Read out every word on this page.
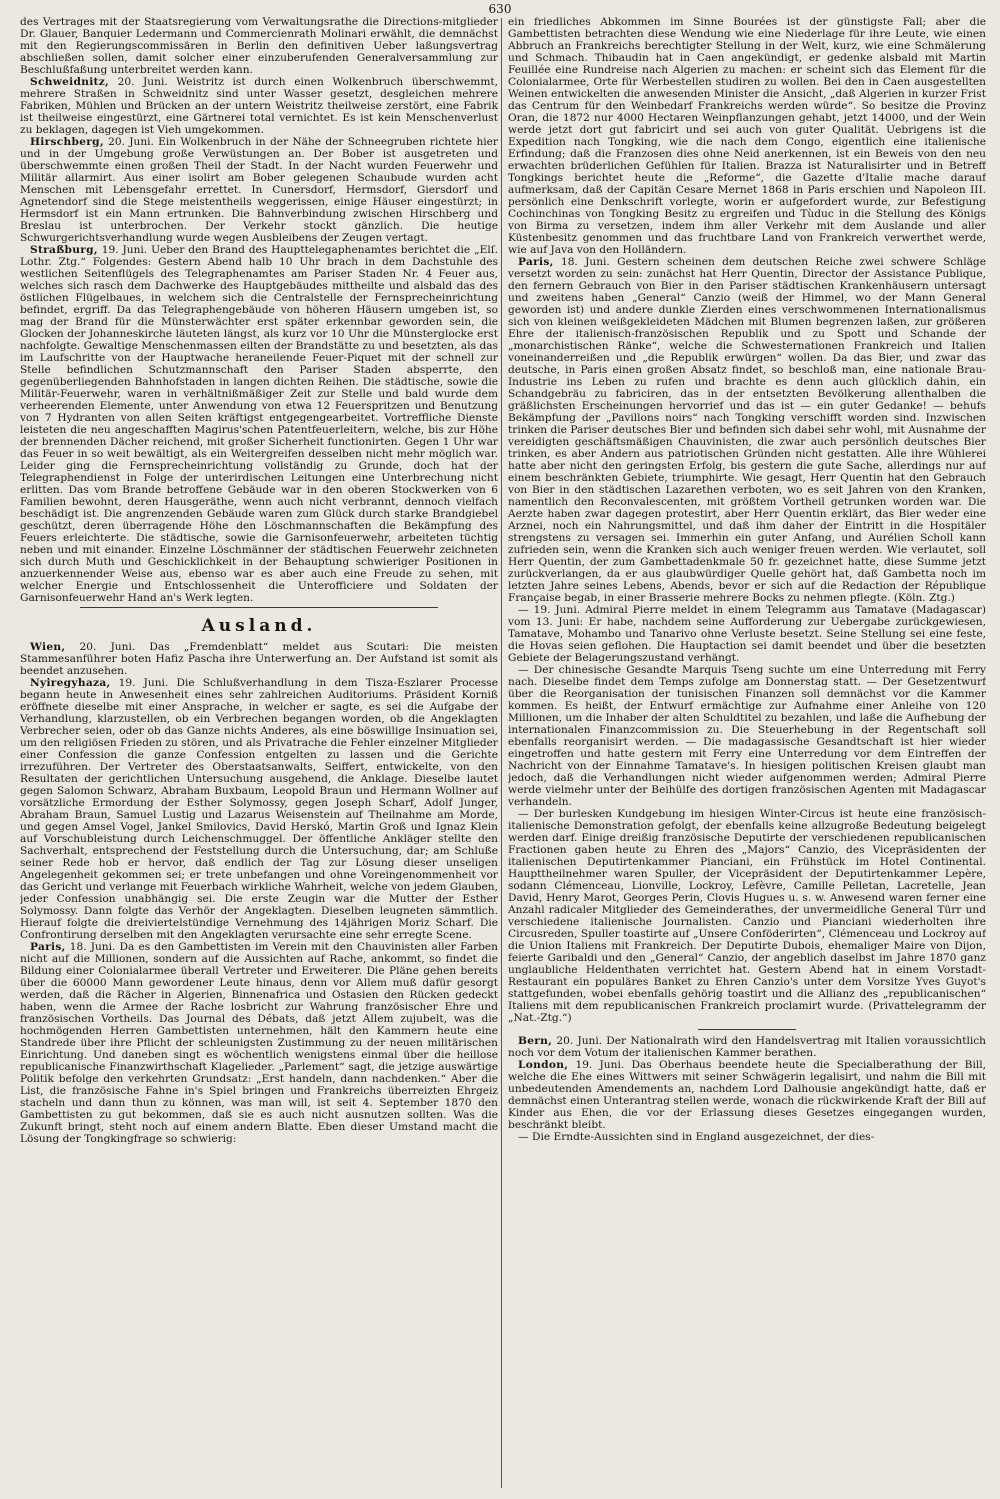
630

des Vertrages mit der Staatsregierung vom Verwaltungsrathe die Directions-mitglieder Dr. Glauer, Banquier Ledermann und Commercienrath Molinari erwählt, die demnächst mit den Regierungscommissären in Berlin den definitiven Ueber laßungsvertrag abschließen sollen, damit solcher einer einzuberufenden Generalversammlung zur Beschlußfaßung unterbreitet werden kann.

Schweidnitz, 20. Juni. Weistritz ist durch einen Wolkenbruch überschwemmt, mehrere Straßen in Schweidnitz sind unter Wasser gesetzt, desgleichen mehrere Fabriken, Mühlen und Brücken an der untern Weistritz theilweise zerstört, eine Fabrik ist theilweise eingestürzt, eine Gärtnerei total vernichtet. Es ist kein Menschenverlust zu beklagen, dagegen ist Vieh umgekommen.

Hirschberg, 20. Juni. Ein Wolkenbruch in der Nähe der Schneegruben richtete hier und in der Umgebung große Verwüstungen an. Der Bober ist ausgetreten und überschwemmte einen großen Theil der Stadt. In der Nacht wurden Feuerwehr und Militär allarmirt. Aus einer isolirt am Bober gelegenen Schaubude wurden acht Menschen mit Lebensgefahr errettet. In Cunersdorf, Hermsdorf, Giersdorf und Agnetendorf sind die Stege meistentheils weggerissen, einige Häuser eingestürzt; in Hermsdorf ist ein Mann ertrunken. Die Bahnverbindung zwischen Hirschberg und Breslau ist unterbrochen. Der Verkehr stockt gänzlich. Die heutige Schwurgerichtsverhandlung wurde wegen Ausbleibens der Zeugen vertagt.

Straßburg, 19. Juni. Ueber den Brand des Haupttelegaphenamtes berichtet die „Elſ. Lothr. Ztg.“ Folgendes: Gestern Abend halb 10 Uhr brach in dem Dachstuhle des westlichen Seitenflügels des Telegraphenamtes am Pariser Staden Nr. 4 Feuer aus, welches sich rasch dem Dachwerke des Hauptgebäudes mittheilte und alsbald das des östlichen Flügelbaues, in welchem sich die Centralstelle der Fernsprecheinrichtung befindet, ergriff. Da das Telegraphengebäude von höheren Häusern umgeben ist, so mag der Brand für die Münsterwächter erst später erkennbar geworden sein, die Glocken der Johanneskirche läuteten längst, als kurz vor 10 Uhr die Münsterglocke erst nachfolgte. Gewaltige Menschenmassen eilten der Brandstätte zu und besetzten, als das im Laufschritte von der Hauptwache heraneilende Feuer-Piquet mit der schnell zur Stelle befindlichen Schutzmannschaft den Pariser Staden absperrte, den gegenüberliegenden Bahnhofstaden in langen dichten Reihen. Die städtische, sowie die Militär-Feuerwehr, waren in verhältnißmäßiger Zeit zur Stelle und bald wurde dem verheerenden Elemente, unter Anwendung von etwa 12 Feuerspritzen und Benutzung von 7 Hydranten von allen Seiten kräftigst entgegengearbeitet. Vortreffliche Dienste leisteten die neu angeschafften Magirus'schen Patentfeuerleitern, welche, bis zur Höhe der brennenden Dächer reichend, mit großer Sicherheit functionirten. Gegen 1 Uhr war das Feuer in so weit bewältigt, als ein Weitergreifen desselben nicht mehr möglich war. Leider ging die Fernsprecheinrichtung vollständig zu Grunde, doch hat der Telegraphendienst in Folge der unterirdischen Leitungen eine Unterbrechung nicht erlitten. Das vom Brande betroffene Gebäude war in den oberen Stockwerken von 6 Familien bewohnt, deren Hausgeräthe, wenn auch nicht verbrannt, dennoch vielfach beschädigt ist. Die angrenzenden Gebäude waren zum Glück durch starke Brandgiebel geschützt, deren überragende Höhe den Löschmannschaften die Bekämpfung des Feuers erleichterte. Die städtische, sowie die Garnisonfeuerwehr, arbeiteten tüchtig neben und mit einander. Einzelne Löschmänner der städtischen Feuerwehr zeichneten sich durch Muth und Geschicklichkeit in der Behauptung schwieriger Positionen in anzuerkennender Weise aus, ebenso war es aber auch eine Freude zu sehen, mit welcher Energie und Entschlossenheit die Unterofficiere und Soldaten der Garnisonfeuerwehr Hand an's Werk legten.

Ausland.

Wien, 20. Juni. Das „Fremdenblatt“ meldet aus Scutari: Die meisten Stammesanführer boten Hafiz Pascha ihre Unterwerfung an. Der Aufstand ist somit als beendet anzusehen.

Nyiregyhaza, 19. Juni. Die Schlußverhandlung in dem Tisza-Eszlarer Processe begann heute in Anwesenheit eines sehr zahlreichen Auditoriums. Präsident Korniß eröffnete dieselbe mit einer Ansprache, in welcher er sagte, es sei die Aufgabe der Verhandlung, klarzustellen, ob ein Verbrechen begangen worden, ob die Angeklagten Verbrecher seien, oder ob das Ganze nichts Anderes, als eine böswillige Insinuation sei, um den religiösen Frieden zu stören, und als Privatrache die Fehler einzelner Mitglieder einer Confession die ganze Confession entgelten zu lassen und die Gerichte irrezuführen. Der Vertreter des Oberstaatsanwalts, Seiffert, entwickelte, von den Resultaten der gerichtlichen Untersuchung ausgehend, die Anklage. Dieselbe lautet gegen Salomon Schwarz, Abraham Buxbaum, Leopold Braun und Hermann Wollner auf vorsätzliche Ermordung der Esther Solymossy, gegen Joseph Scharf, Adolf Junger, Abraham Braun, Samuel Lustig und Lazarus Weisenstein auf Theilnahme am Morde, und gegen Amsel Vogel, Jankel Smilovics, David Herskó, Martin Groß und Ignaz Klein auf Vorschubleistung durch Leichenschmuggel. Der öffentliche Ankläger stellte den Sachverhalt, entsprechend der Feststellung durch die Untersuchung, dar; am Schluße seiner Rede hob er hervor, daß endlich der Tag zur Lösung dieser unseligen Angelegenheit gekommen sei; er trete unbefangen und ohne Voreingenommenheit vor das Gericht und verlange mit Feuerbach wirkliche Wahrheit, welche von jedem Glauben, jeder Confession unabhängig sei. Die erste Zeugin war die Mutter der Esther Solymossy. Dann folgte das Verhör der Angeklagten. Dieselben leugneten sämmtlich. Hierauf folgte die dreiviertelstündige Vernehmung des 14jährigen Moriz Scharf. Die Confrontirung derselben mit den Angeklagten verursachte eine sehr erregte Scene.

Paris, 18. Juni. Da es den Gambettisten im Verein mit den Chauvinisten aller Farben nicht auf die Millionen, sondern auf die Aussichten auf Rache, ankommt, so findet die Bildung einer Colonialarmee überall Vertreter und Erweiterer. Die Pläne gehen bereits über die 60000 Mann gewordener Leute hinaus, denn vor Allem muß dafür gesorgt werden, daß die Rächer in Algerien, Binnenafrica und Ostasien den Rücken gedeckt haben, wenn die Armee der Rache losbricht zur Wahrung französischer Ehre und französischen Vortheils. Das Journal des Débats, daß jetzt Allem zujubelt, was die hochmögenden Herren Gambettisten unternehmen, hält den Kammern heute eine Standrede über ihre Pflicht der schleunigsten Zustimmung zu der neuen militärischen Einrichtung. Und daneben singt es wöchentlich wenigstens einmal über die heillose republicanische Finanzwirthschaft Klagelieder. „Parlement“ sagt, die jetzige auswärtige Politik befolge den verkehrten Grundsatz: „Erst handeln, dann nachdenken.“ Aber die List, die französische Fahne in's Spiel bringen und Frankreichs überreizten Ehrgeiz stacheln und dann thun zu können, was man will, ist seit 4. September 1870 den Gambettisten zu gut bekommen, daß sie es auch nicht ausnutzen sollten. Was die Zukunft bringt, steht noch auf einem andern Blatte. Eben dieser Umstand macht die Lösung der Tongkingfrage so schwierig:

ein friedliches Abkommen im Sinne Bourées ist der günstigste Fall; aber die Gambettisten betrachten diese Wendung wie eine Niederlage für ihre Leute, wie einen Abbruch an Frankreichs berechtigter Stellung in der Welt, kurz, wie eine Schmälerung und Schmach. Thibaudin hat in Caen angekündigt, er gedenke alsbald mit Martin Feuillée eine Rundreise nach Algerien zu machen: er scheint sich das Element für die Colonialarmee, Orte für Werbestellen studiren zu wollen. Bei den in Caen ausgestellten Weinen entwickelten die anwesenden Minister die Ansicht, „daß Algerien in kurzer Frist das Centrum für den Weinbedarf Frankreichs werden würde“. So besitze die Provinz Oran, die 1872 nur 4000 Hectaren Weinpflanzungen gehabt, jetzt 14000, und der Wein werde jetzt dort gut fabricirt und sei auch von guter Qualität. Uebrigens ist die Expedition nach Tongking, wie die nach dem Congo, eigentlich eine italienische Erfindung; daß die Franzosen dies ohne Neid anerkennen, ist ein Beweis von den neu erwachten brüderlichen Gefühlen für Italien. Brazza ist Naturalisirter und in Betreff Tongkings berichtet heute die „Reforme“, die Gazette d'Italie mache darauf aufmerksam, daß der Capitän Cesare Mernet 1868 in Paris erschien und Napoleon III. persönlich eine Denkschrift vorlegte, worin er aufgefordert wurde, zur Befestigung Cochinchinas von Tongking Besitz zu ergreifen und Tùduc in die Stellung des Königs von Birma zu versetzen, indem ihm aller Verkehr mit dem Auslande und aller Küstenbesitz genommen und das fruchtbare Land von Frankreich verwerthet werde, wie auf Java von den Holländern.

Paris, 18. Juni. Gestern scheinen dem deutschen Reiche zwei schwere Schläge versetzt worden zu sein: zunächst hat Herr Quentin, Director der Assistance Publique, den fernern Gebrauch von Bier in den Pariser städtischen Krankenhäusern untersagt und zweitens haben „General“ Canzio (weiß der Himmel, wo der Mann General geworden ist) und andere dunkle Zierden eines verschwommenen Internationalismus sich von kleinen weißgekleideten Mädchen mit Blumen begrenzen laßen, zur größeren Ehre der italienisch-französischen Republik und zu Spott und Schande der „monarchistischen Ränke“, welche die Schwesternationen Frankreich und Italien voneinanderreißen und „die Republik erwürgen“ wollen. Da das Bier, und zwar das deutsche, in Paris einen großen Absatz findet, so beschloß man, eine nationale Brau-Industrie ins Leben zu rufen und brachte es denn auch glücklich dahin, ein Schandgebräu zu fabriciren, das in der entsetzten Bevölkerung allenthalben die gräßlichsten Erscheinungen hervorrief und das ist — ein guter Gedanke! — behufs Bekämpfung der „Pavillons noirs“ nach Tongking verschifft worden sind. Inzwischen trinken die Pariser deutsches Bier und befinden sich dabei sehr wohl, mit Ausnahme der vereidigten geschäftsmäßigen Chauvinisten, die zwar auch persönlich deutsches Bier trinken, es aber Andern aus patriotischen Gründen nicht gestatten. Alle ihre Wühlerei hatte aber nicht den geringsten Erfolg, bis gestern die gute Sache, allerdings nur auf einem beschränkten Gebiete, triumphirte. Wie gesagt, Herr Quentin hat den Gebrauch von Bier in den städtischen Lazarethen verboten, wo es seit Jahren von den Kranken, namentlich den Reconvalescenten, mit größtem Vortheil getrunken worden war. Die Aerzte haben zwar dagegen protestirt, aber Herr Quentin erklärt, das Bier weder eine Arznei, noch ein Nahrungsmittel, und daß ihm daher der Eintritt in die Hospitäler strengstens zu versagen sei. Immerhin ein guter Anfang, und Aurélien Scholl kann zufrieden sein, wenn die Kranken sich auch weniger freuen werden. Wie verlautet, soll Herr Quentin, der zum Gambettadenkmale 50 fr. gezeichnet hatte, diese Summe jetzt zurückverlangen, da er aus glaubwürdiger Quelle gehört hat, daß Gambetta noch im letzten Jahre seines Lebens, Abends, bevor er sich auf die Redaction der République Française begab, in einer Brasserie mehrere Bocks zu nehmen pflegte. (Köln. Ztg.)

— 19. Juni. Admiral Pierre meldet in einem Telegramm aus Tamatave (Madagascar) vom 13. Juni: Er habe, nachdem seine Aufforderung zur Uebergabe zurückgewiesen, Tamatave, Mohambo und Tanarivo ohne Verluste besetzt. Seine Stellung sei eine feste, die Hovas seien geflohen. Die Hauptaction sei damit beendet und über die besetzten Gebiete der Belagerungszustand verhängt.

— Der chinesische Gesandte Marquis Tseng suchte um eine Unterredung mit Ferry nach. Dieselbe findet dem Temps zufolge am Donnerstag statt. — Der Gesetzentwurf über die Reorganisation der tunisischen Finanzen soll demnächst vor die Kammer kommen. Es heißt, der Entwurf ermächtige zur Aufnahme einer Anleihe von 120 Millionen, um die Inhaber der alten Schuldtitel zu bezahlen, und laße die Aufhebung der internationalen Finanzcommission zu. Die Steuerhebung in der Regentschaft soll ebenfalls reorganisirt werden. — Die madagassische Gesandtschaft ist hier wieder eingetroffen und hatte gestern mit Ferry eine Unterredung vor dem Eintreffen der Nachricht von der Einnahme Tamatave's. In hiesigen politischen Kreisen glaubt man jedoch, daß die Verhandlungen nicht wieder aufgenommen werden; Admiral Pierre werde vielmehr unter der Beihülfe des dortigen französischen Agenten mit Madagascar verhandeln.

— Der burlesken Kundgebung im hiesigen Winter-Circus ist heute eine französisch-italienische Demonstration gefolgt, der ebenfalls keine allzugroße Bedeutung beigelegt werden darf. Einige dreißig französische Deputirte der verschiedenen republicanischen Fractionen gaben heute zu Ehren des „Majors“ Canzio, des Vicepräsidenten der italienischen Deputirtenkammer Pianciani, ein Frühstück im Hotel Continental. Haupttheilnehmer waren Spuller, der Vicepräsident der Deputirtenkammer Lepère, sodann Clémenceau, Lionville, Lockroy, Lefèvre, Camille Pelletan, Lacretelle, Jean David, Henry Marot, Georges Perin, Clovis Hugues u. s. w. Anwesend waren ferner eine Anzahl radicaler Mitglieder des Gemeinderathes, der unvermeidliche General Türr und verschiedene italienische Journalisten. Canzio und Pianciani wiederholten ihre Circusreden, Spuller toastirte auf „Unsere Conföderirten“, Clémenceau und Lockroy auf die Union Italiens mit Frankreich. Der Deputirte Dubois, ehemaliger Maire von Dijon, feierte Garibaldi und den „General“ Canzio, der angeblich daselbst im Jahre 1870 ganz unglaubliche Heldenthaten verrichtet hat. Gestern Abend hat in einem Vorstadt-Restaurant ein populäres Banket zu Ehren Canzio's unter dem Vorsitze Yves Guyot's stattgefunden, wobei ebenfalls gehörig toastirt und die Allianz des „republicanischen“ Italiens mit dem republicanischen Frankreich proclamirt wurde. (Privattelegramm der „Nat.-Ztg.“)

Bern, 20. Juni. Der Nationalrath wird den Handelsvertrag mit Italien voraussichtlich noch vor dem Votum der italienischen Kammer berathen.

London, 19. Juni. Das Oberhaus beendete heute die Specialberathung der Bill, welche die Ehe eines Wittwers mit seiner Schwägerin legalisirt, und nahm die Bill mit unbedeutenden Amendements an, nachdem Lord Dalhousie angekündigt hatte, daß er demnächst einen Unterantrag stellen werde, wonach die rückwirkende Kraft der Bill auf Kinder aus Ehen, die vor der Erlassung dieses Gesetzes eingegangen wurden, beschränkt bleibt.

— Die Erndte-Aussichten sind in England ausgezeichnet, der dies-
